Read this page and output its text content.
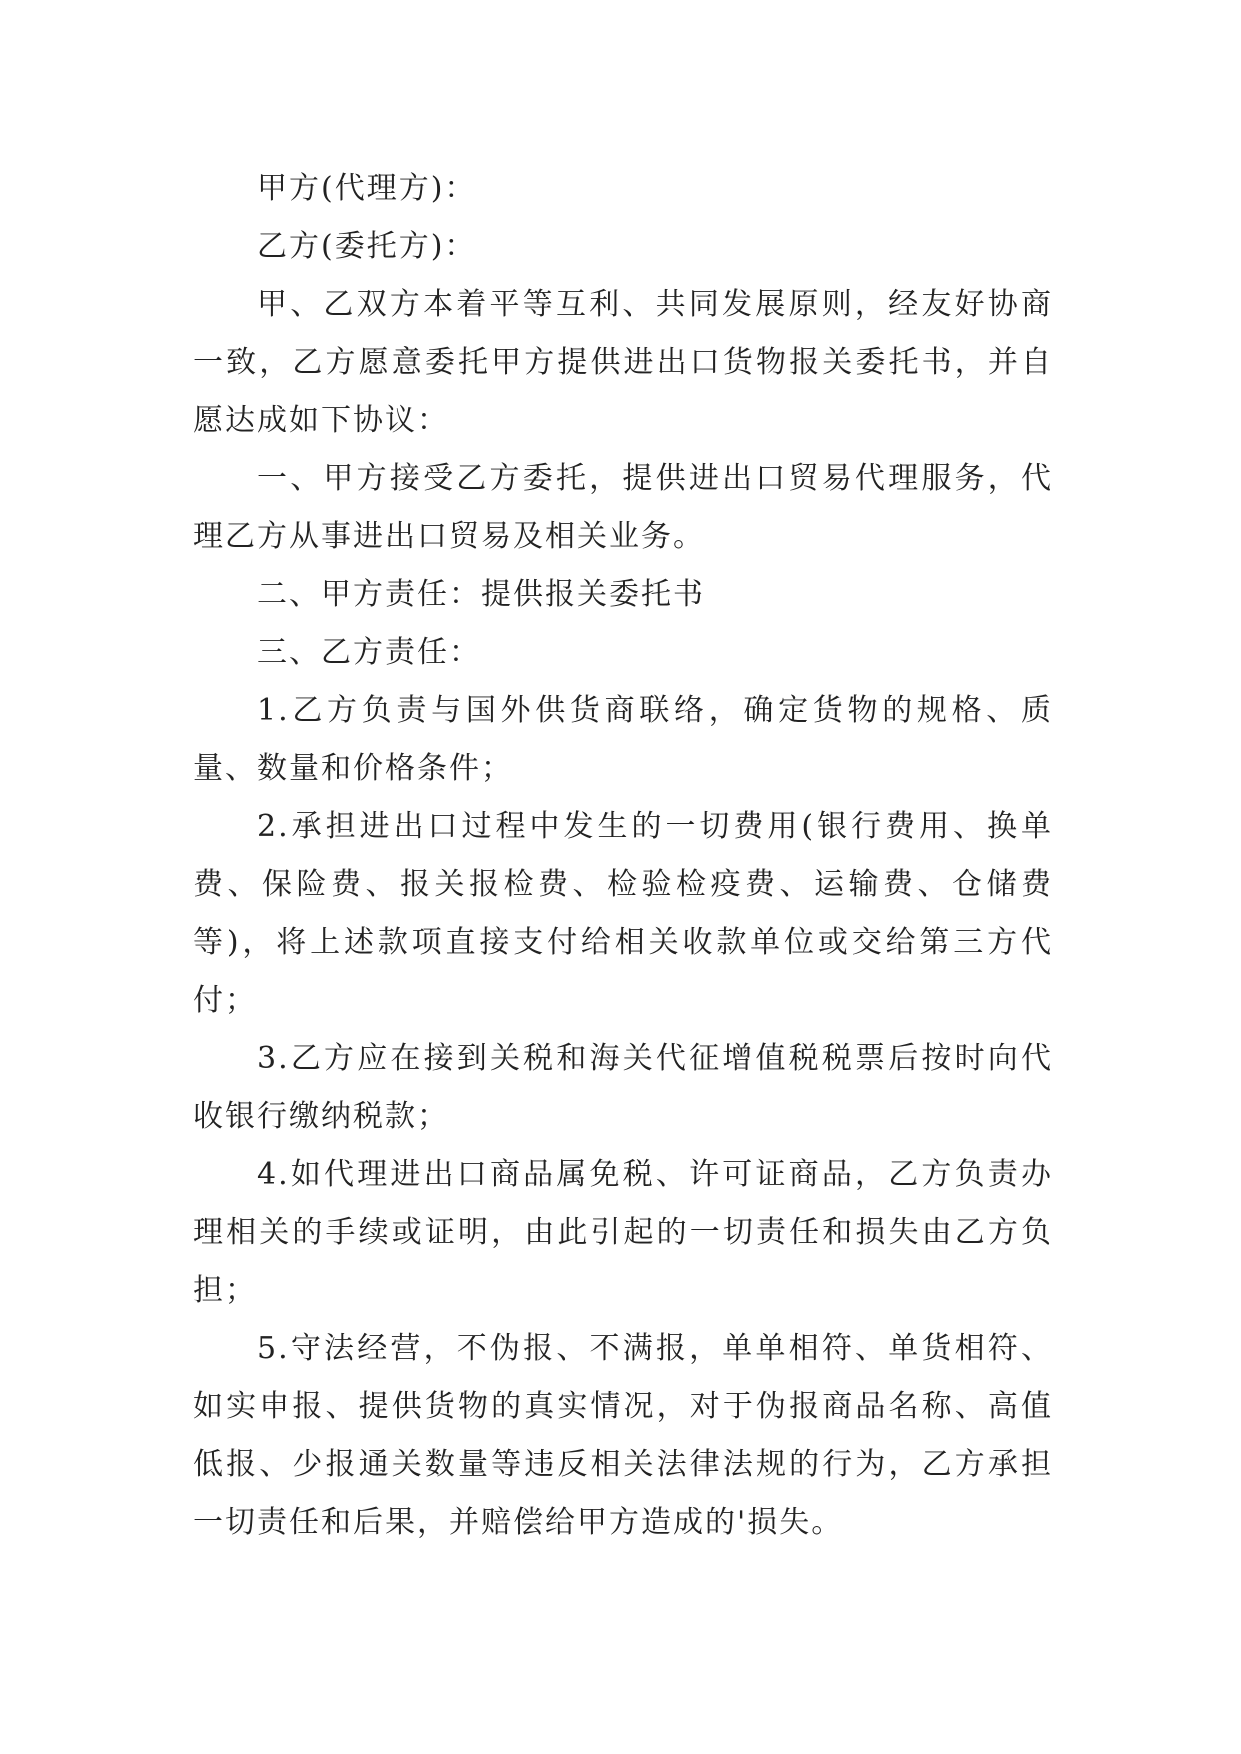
甲方(代理方)：

乙方(委托方)：

甲、乙双方本着平等互利、共同发展原则，经友好协商一致，乙方愿意委托甲方提供进出口货物报关委托书，并自愿达成如下协议：

一、甲方接受乙方委托，提供进出口贸易代理服务，代理乙方从事进出口贸易及相关业务。

二、甲方责任：提供报关委托书

三、乙方责任：

1.乙方负责与国外供货商联络，确定货物的规格、质量、数量和价格条件；

2.承担进出口过程中发生的一切费用(银行费用、换单费、保险费、报关报检费、检验检疫费、运输费、仓储费等)，将上述款项直接支付给相关收款单位或交给第三方代付；

3.乙方应在接到关税和海关代征增值税税票后按时向代收银行缴纳税款；

4.如代理进出口商品属免税、许可证商品，乙方负责办理相关的手续或证明，由此引起的一切责任和损失由乙方负担；

5.守法经营，不伪报、不满报，单单相符、单货相符、如实申报、提供货物的真实情况，对于伪报商品名称、高值低报、少报通关数量等违反相关法律法规的行为，乙方承担一切责任和后果，并赔偿给甲方造成的'损失。
